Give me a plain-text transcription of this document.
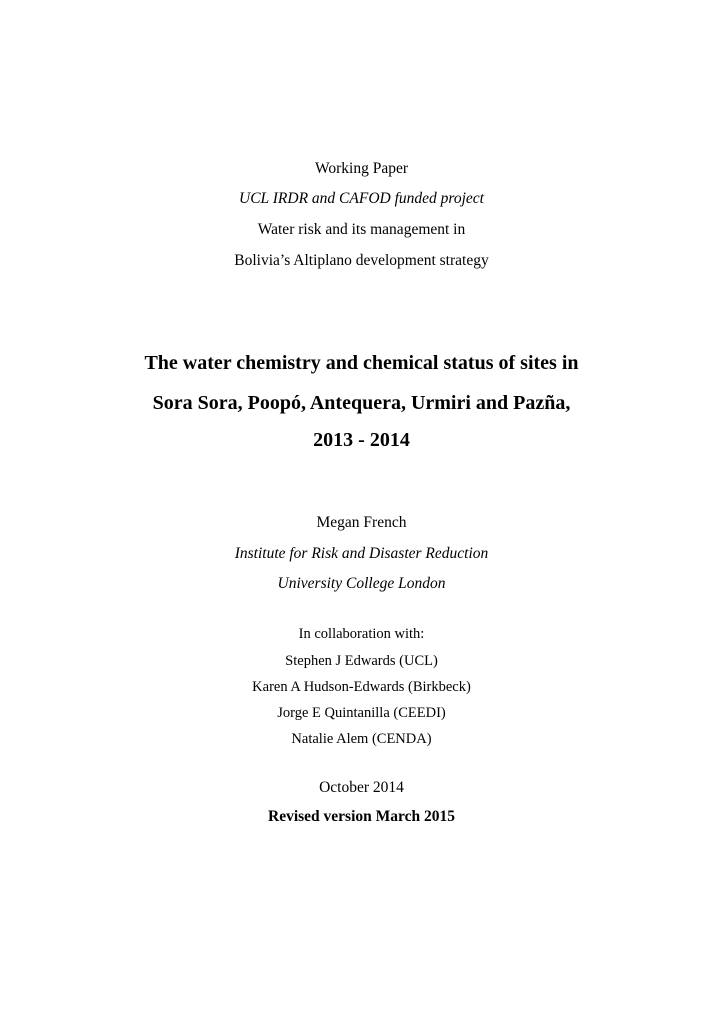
Working Paper
UCL IRDR and CAFOD funded project
Water risk and its management in
Bolivia’s Altiplano development strategy
The water chemistry and chemical status of sites in
Sora Sora, Poopó, Antequera, Urmiri and Pazña,
2013 - 2014
Megan French
Institute for Risk and Disaster Reduction
University College London
In collaboration with:
Stephen J Edwards (UCL)
Karen A Hudson-Edwards (Birkbeck)
Jorge E Quintanilla (CEEDI)
Natalie Alem (CENDA)
October 2014
Revised version March 2015
